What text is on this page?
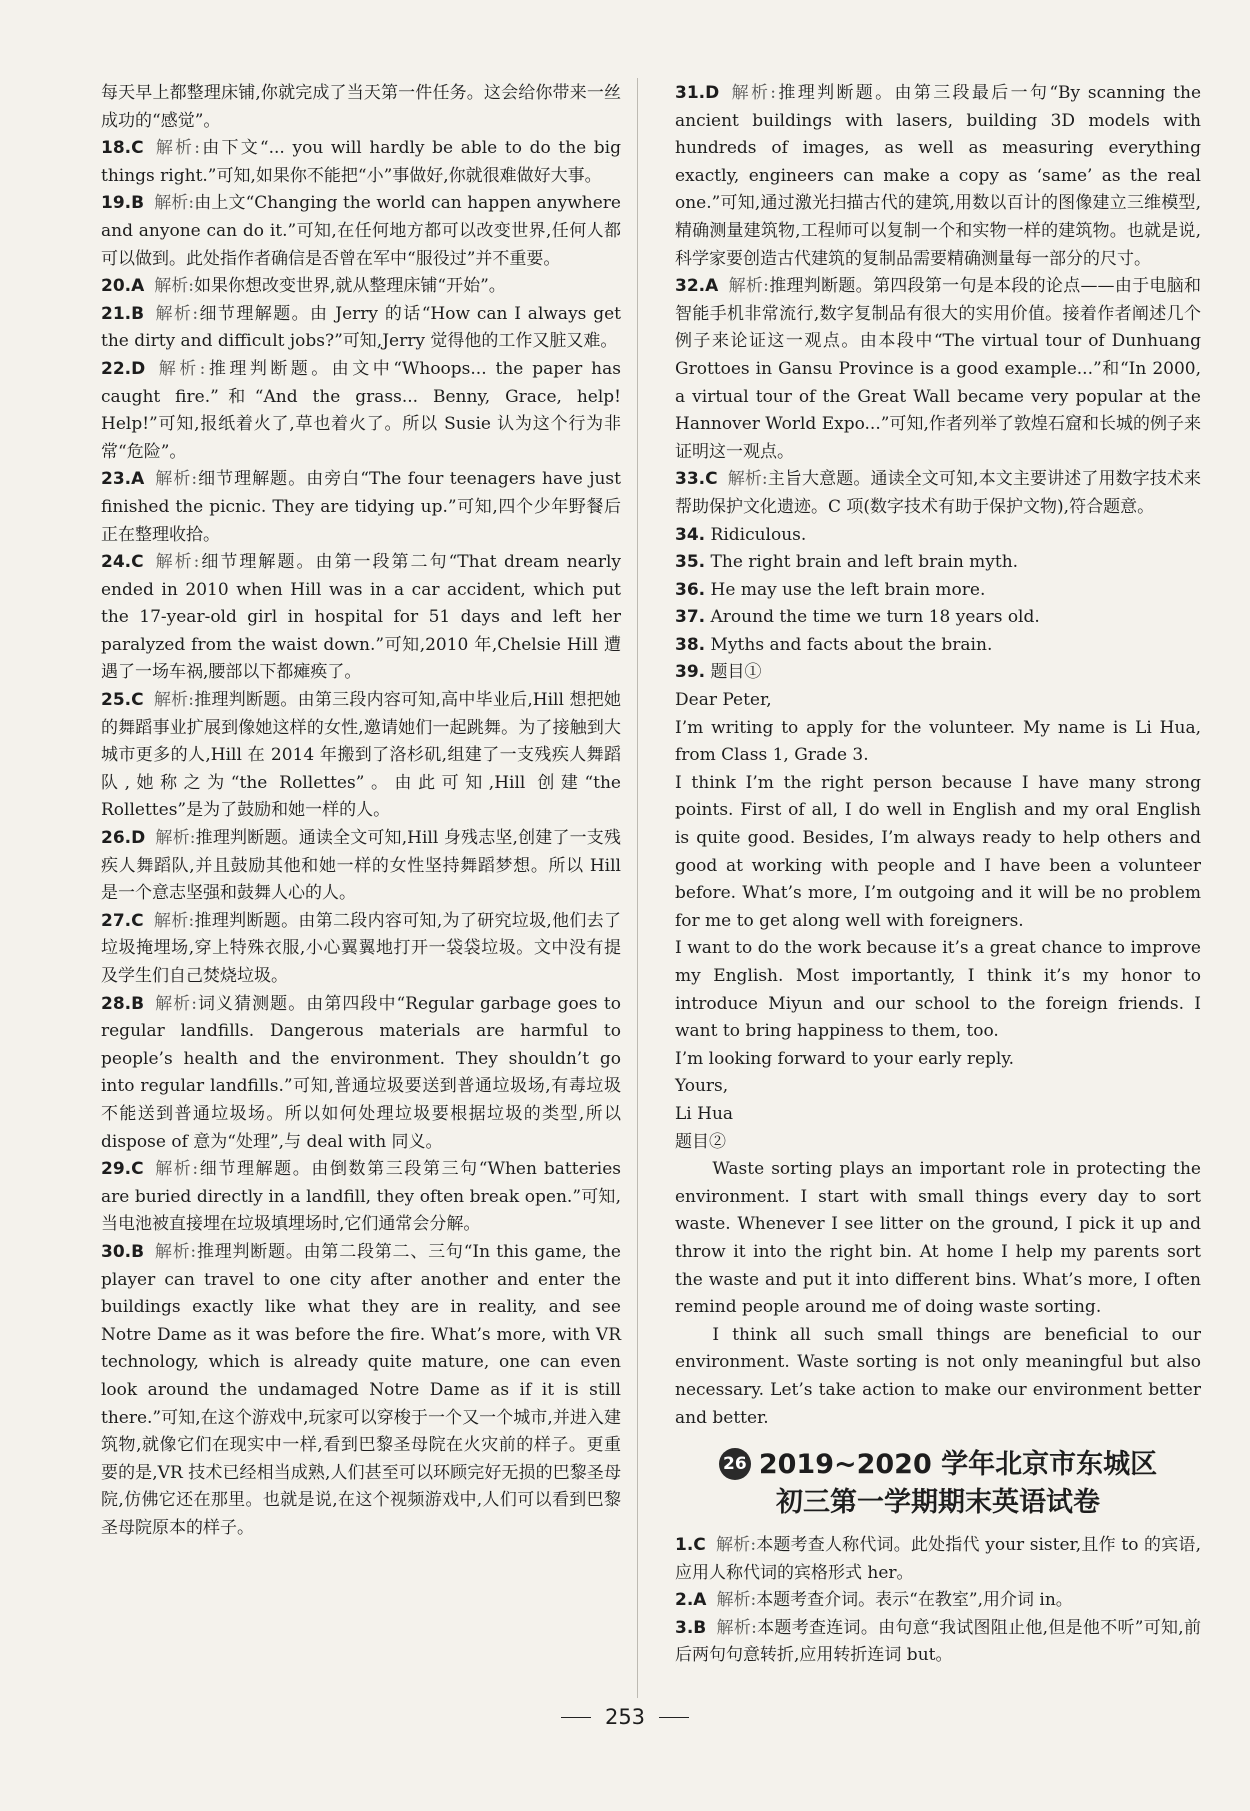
每天早上都整理床铺,你就完成了当天第一件任务。这会给你带来一丝成功的“感觉”。

18.C 解析:由下文“... you will hardly be able to do the big things right.”可知,如果你不能把“小”事做好,你就很难做好大事。

19.B 解析:由上文“Changing the world can happen anywhere and anyone can do it.”可知,在任何地方都可以改变世界,任何人都可以做到。此处指作者确信是否曾在军中“服役过”并不重要。

20.A 解析:如果你想改变世界,就从整理床铺“开始”。

21.B 解析:细节理解题。由 Jerry 的话“How can I always get the dirty and difficult jobs?”可知,Jerry 觉得他的工作又脏又难。

22.D 解析:推理判断题。由文中“Whoops... the paper has caught fire.”和“And the grass... Benny, Grace, help! Help!”可知,报纸着火了,草也着火了。所以 Susie 认为这个行为非常“危险”。

23.A 解析:细节理解题。由旁白“The four teenagers have just finished the picnic. They are tidying up.”可知,四个少年野餐后正在整理收拾。

24.C 解析:细节理解题。由第一段第二句“That dream nearly ended in 2010 when Hill was in a car accident, which put the 17-year-old girl in hospital for 51 days and left her paralyzed from the waist down.”可知,2010 年,Chelsie Hill 遭遇了一场车祸,腰部以下都瘫痪了。

25.C 解析:推理判断题。由第三段内容可知,高中毕业后,Hill 想把她的舞蹈事业扩展到像她这样的女性,邀请她们一起跳舞。为了接触到大城市更多的人,Hill 在 2014 年搬到了洛杉矶,组建了一支残疾人舞蹈队,她称之为“the Rollettes”。由此可知,Hill 创建“the Rollettes”是为了鼓励和她一样的人。

26.D 解析:推理判断题。通读全文可知,Hill 身残志坚,创建了一支残疾人舞蹈队,并且鼓励其他和她一样的女性坚持舞蹈梦想。所以 Hill 是一个意志坚强和鼓舞人心的人。

27.C 解析:推理判断题。由第二段内容可知,为了研究垃圾,他们去了垃圾掩埋场,穿上特殊衣服,小心翼翼地打开一袋袋垃圾。文中没有提及学生们自己焚烧垃圾。

28.B 解析:词义猜测题。由第四段中“Regular garbage goes to regular landfills. Dangerous materials are harmful to people’s health and the environment. They shouldn’t go into regular landfills.”可知,普通垃圾要送到普通垃圾场,有毒垃圾不能送到普通垃圾场。所以如何处理垃圾要根据垃圾的类型,所以 dispose of 意为“处理”,与 deal with 同义。

29.C 解析:细节理解题。由倒数第三段第三句“When batteries are buried directly in a landfill, they often break open.”可知,当电池被直接埋在垃圾填埋场时,它们通常会分解。

30.B 解析:推理判断题。由第二段第二、三句“In this game, the player can travel to one city after another and enter the buildings exactly like what they are in reality, and see Notre Dame as it was before the fire. What’s more, with VR technology, which is already quite mature, one can even look around the undamaged Notre Dame as if it is still there.”可知,在这个游戏中,玩家可以穿梭于一个又一个城市,并进入建筑物,就像它们在现实中一样,看到巴黎圣母院在火灾前的样子。更重要的是,VR 技术已经相当成熟,人们甚至可以环顾完好无损的巴黎圣母院,仿佛它还在那里。也就是说,在这个视频游戏中,人们可以看到巴黎圣母院原本的样子。

31.D 解析:推理判断题。由第三段最后一句“By scanning the ancient buildings with lasers, building 3D models with hundreds of images, as well as measuring everything exactly, engineers can make a copy as ‘same’ as the real one.”可知,通过激光扫描古代的建筑,用数以百计的图像建立三维模型,精确测量建筑物,工程师可以复制一个和实物一样的建筑物。也就是说,科学家要创造古代建筑的复制品需要精确测量每一部分的尺寸。

32.A 解析:推理判断题。第四段第一句是本段的论点——由于电脑和智能手机非常流行,数字复制品有很大的实用价值。接着作者阐述几个例子来论证这一观点。由本段中“The virtual tour of Dunhuang Grottoes in Gansu Province is a good example...”和“In 2000, a virtual tour of the Great Wall became very popular at the Hannover World Expo...”可知,作者列举了敦煌石窟和长城的例子来证明这一观点。

33.C 解析:主旨大意题。通读全文可知,本文主要讲述了用数字技术来帮助保护文化遗迹。C 项(数字技术有助于保护文物),符合题意。

34. Ridiculous.

35. The right brain and left brain myth.

36. He may use the left brain more.

37. Around the time we turn 18 years old.

38. Myths and facts about the brain.

39. 题目①

Dear Peter,

I’m writing to apply for the volunteer. My name is Li Hua, from Class 1, Grade 3.

I think I’m the right person because I have many strong points. First of all, I do well in English and my oral English is quite good. Besides, I’m always ready to help others and good at working with people and I have been a volunteer before. What’s more, I’m outgoing and it will be no problem for me to get along well with foreigners.

I want to do the work because it’s a great chance to improve my English. Most importantly, I think it’s my honor to introduce Miyun and our school to the foreign friends. I want to bring happiness to them, too.

I’m looking forward to your early reply.

Yours,

Li Hua

题目②

Waste sorting plays an important role in protecting the environment. I start with small things every day to sort waste. Whenever I see litter on the ground, I pick it up and throw it into the right bin. At home I help my parents sort the waste and put it into different bins. What’s more, I often remind people around me of doing waste sorting.

I think all such small things are beneficial to our environment. Waste sorting is not only meaningful but also necessary. Let’s take action to make our environment better and better.

26 2019~2020 学年北京市东城区
初三第一学期期末英语试卷

1.C 解析:本题考查人称代词。此处指代 your sister,且作 to 的宾语,应用人称代词的宾格形式 her。

2.A 解析:本题考查介词。表示“在教室”,用介词 in。

3.B 解析:本题考查连词。由句意“我试图阻止他,但是他不听”可知,前后两句句意转折,应用转折连词 but。

253
